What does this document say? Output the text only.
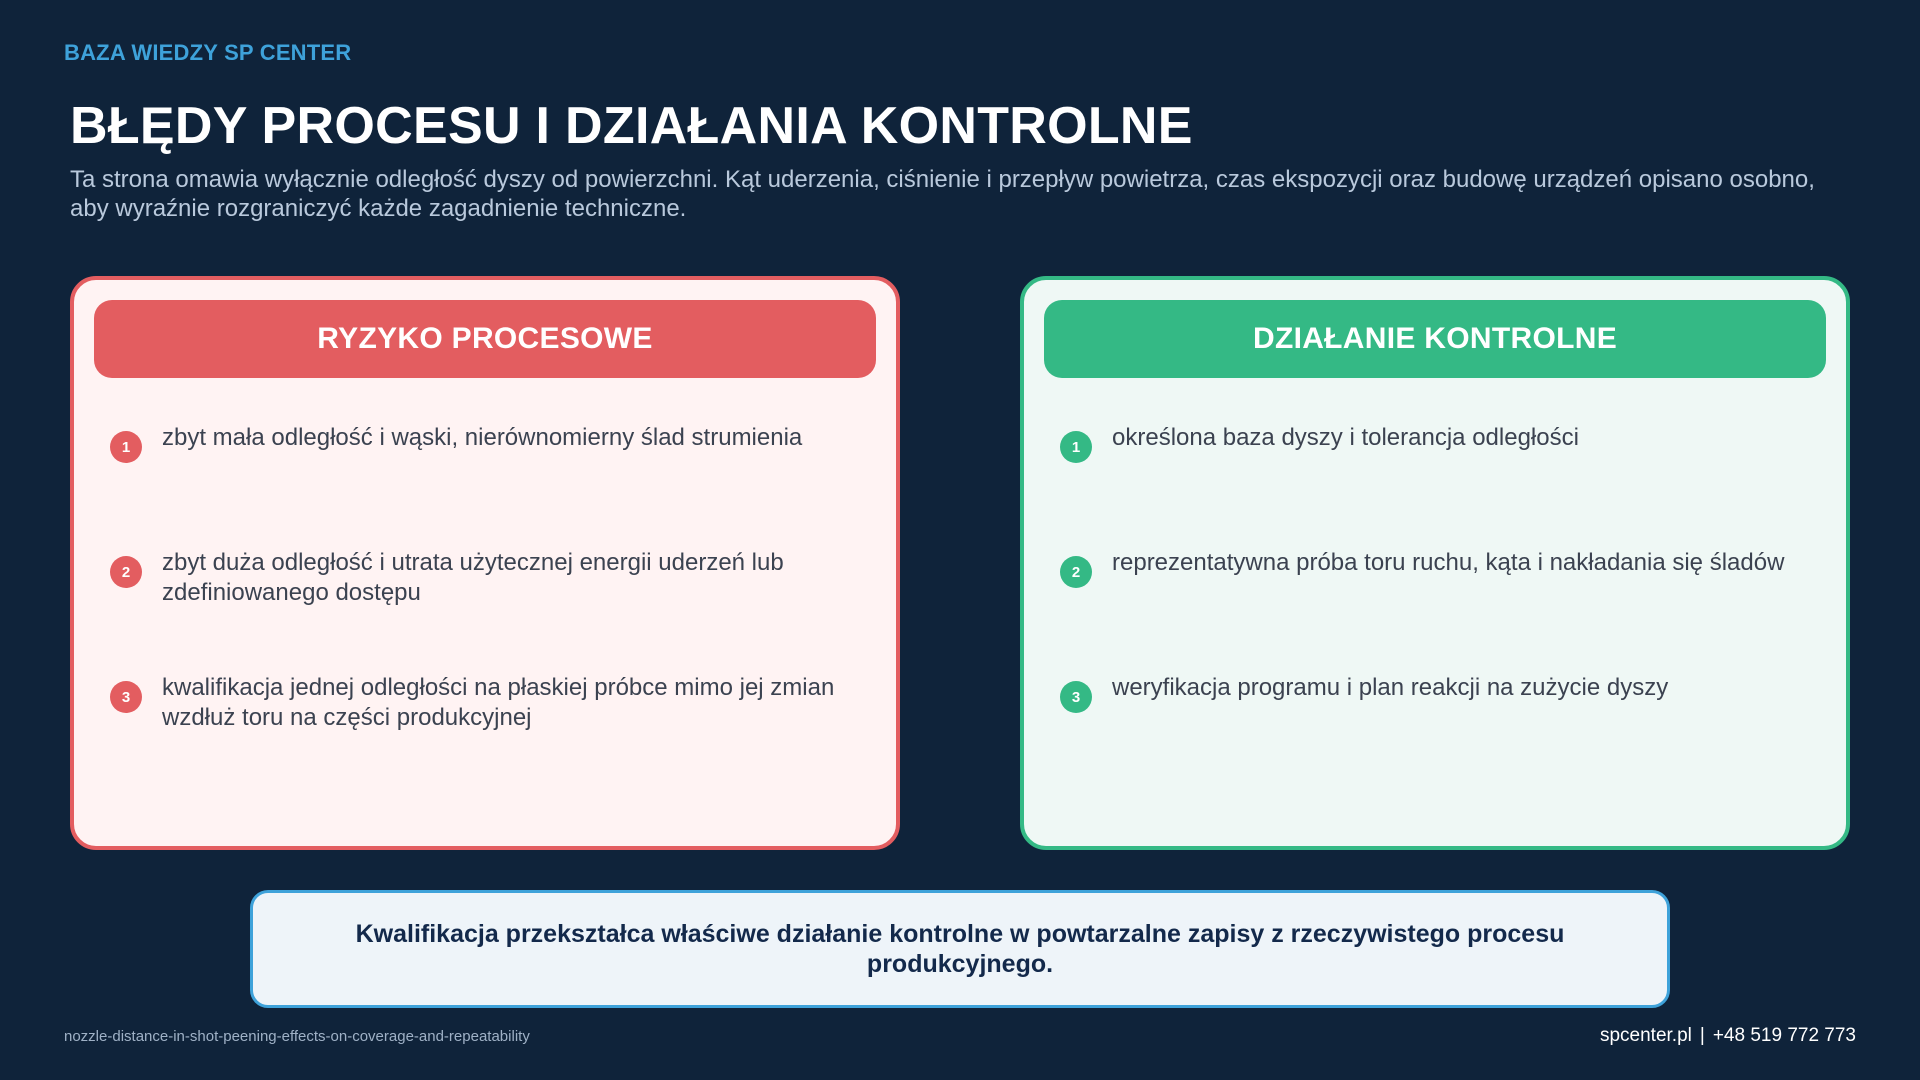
BAZA WIEDZY SP CENTER
BŁĘDY PROCESU I DZIAŁANIA KONTROLNE

Ta strona omawia wyłącznie odległość dyszy od powierzchni. Kąt uderzenia, ciśnienie i przepływ powietrza, czas ekspozycji oraz budowę urządzeń opisano osobno, aby wyraźnie rozgraniczyć każde zagadnienie techniczne.

RYZYKO PROCESOWE
1	zbyt mała odległość i wąski, nierównomierny ślad strumienia
2	zbyt duża odległość i utrata użytecznej energii uderzeń lub zdefiniowanego dostępu
3	kwalifikacja jednej odległości na płaskiej próbce mimo jej zmian wzdłuż toru na części produkcyjnej
DZIAŁANIE KONTROLNE
1	określona baza dyszy i tolerancja odległości
2	reprezentatywna próba toru ruchu, kąta i nakładania się śladów
3	weryfikacja programu i plan reakcji na zużycie dyszy
Kwalifikacja przekształca właściwe działanie kontrolne w powtarzalne zapisy z rzeczywistego procesu produkcyjnego.
nozzle-distance-in-shot-peening-effects-on-coverage-and-repeatability	spcenter.pl | +48 519 772 773
